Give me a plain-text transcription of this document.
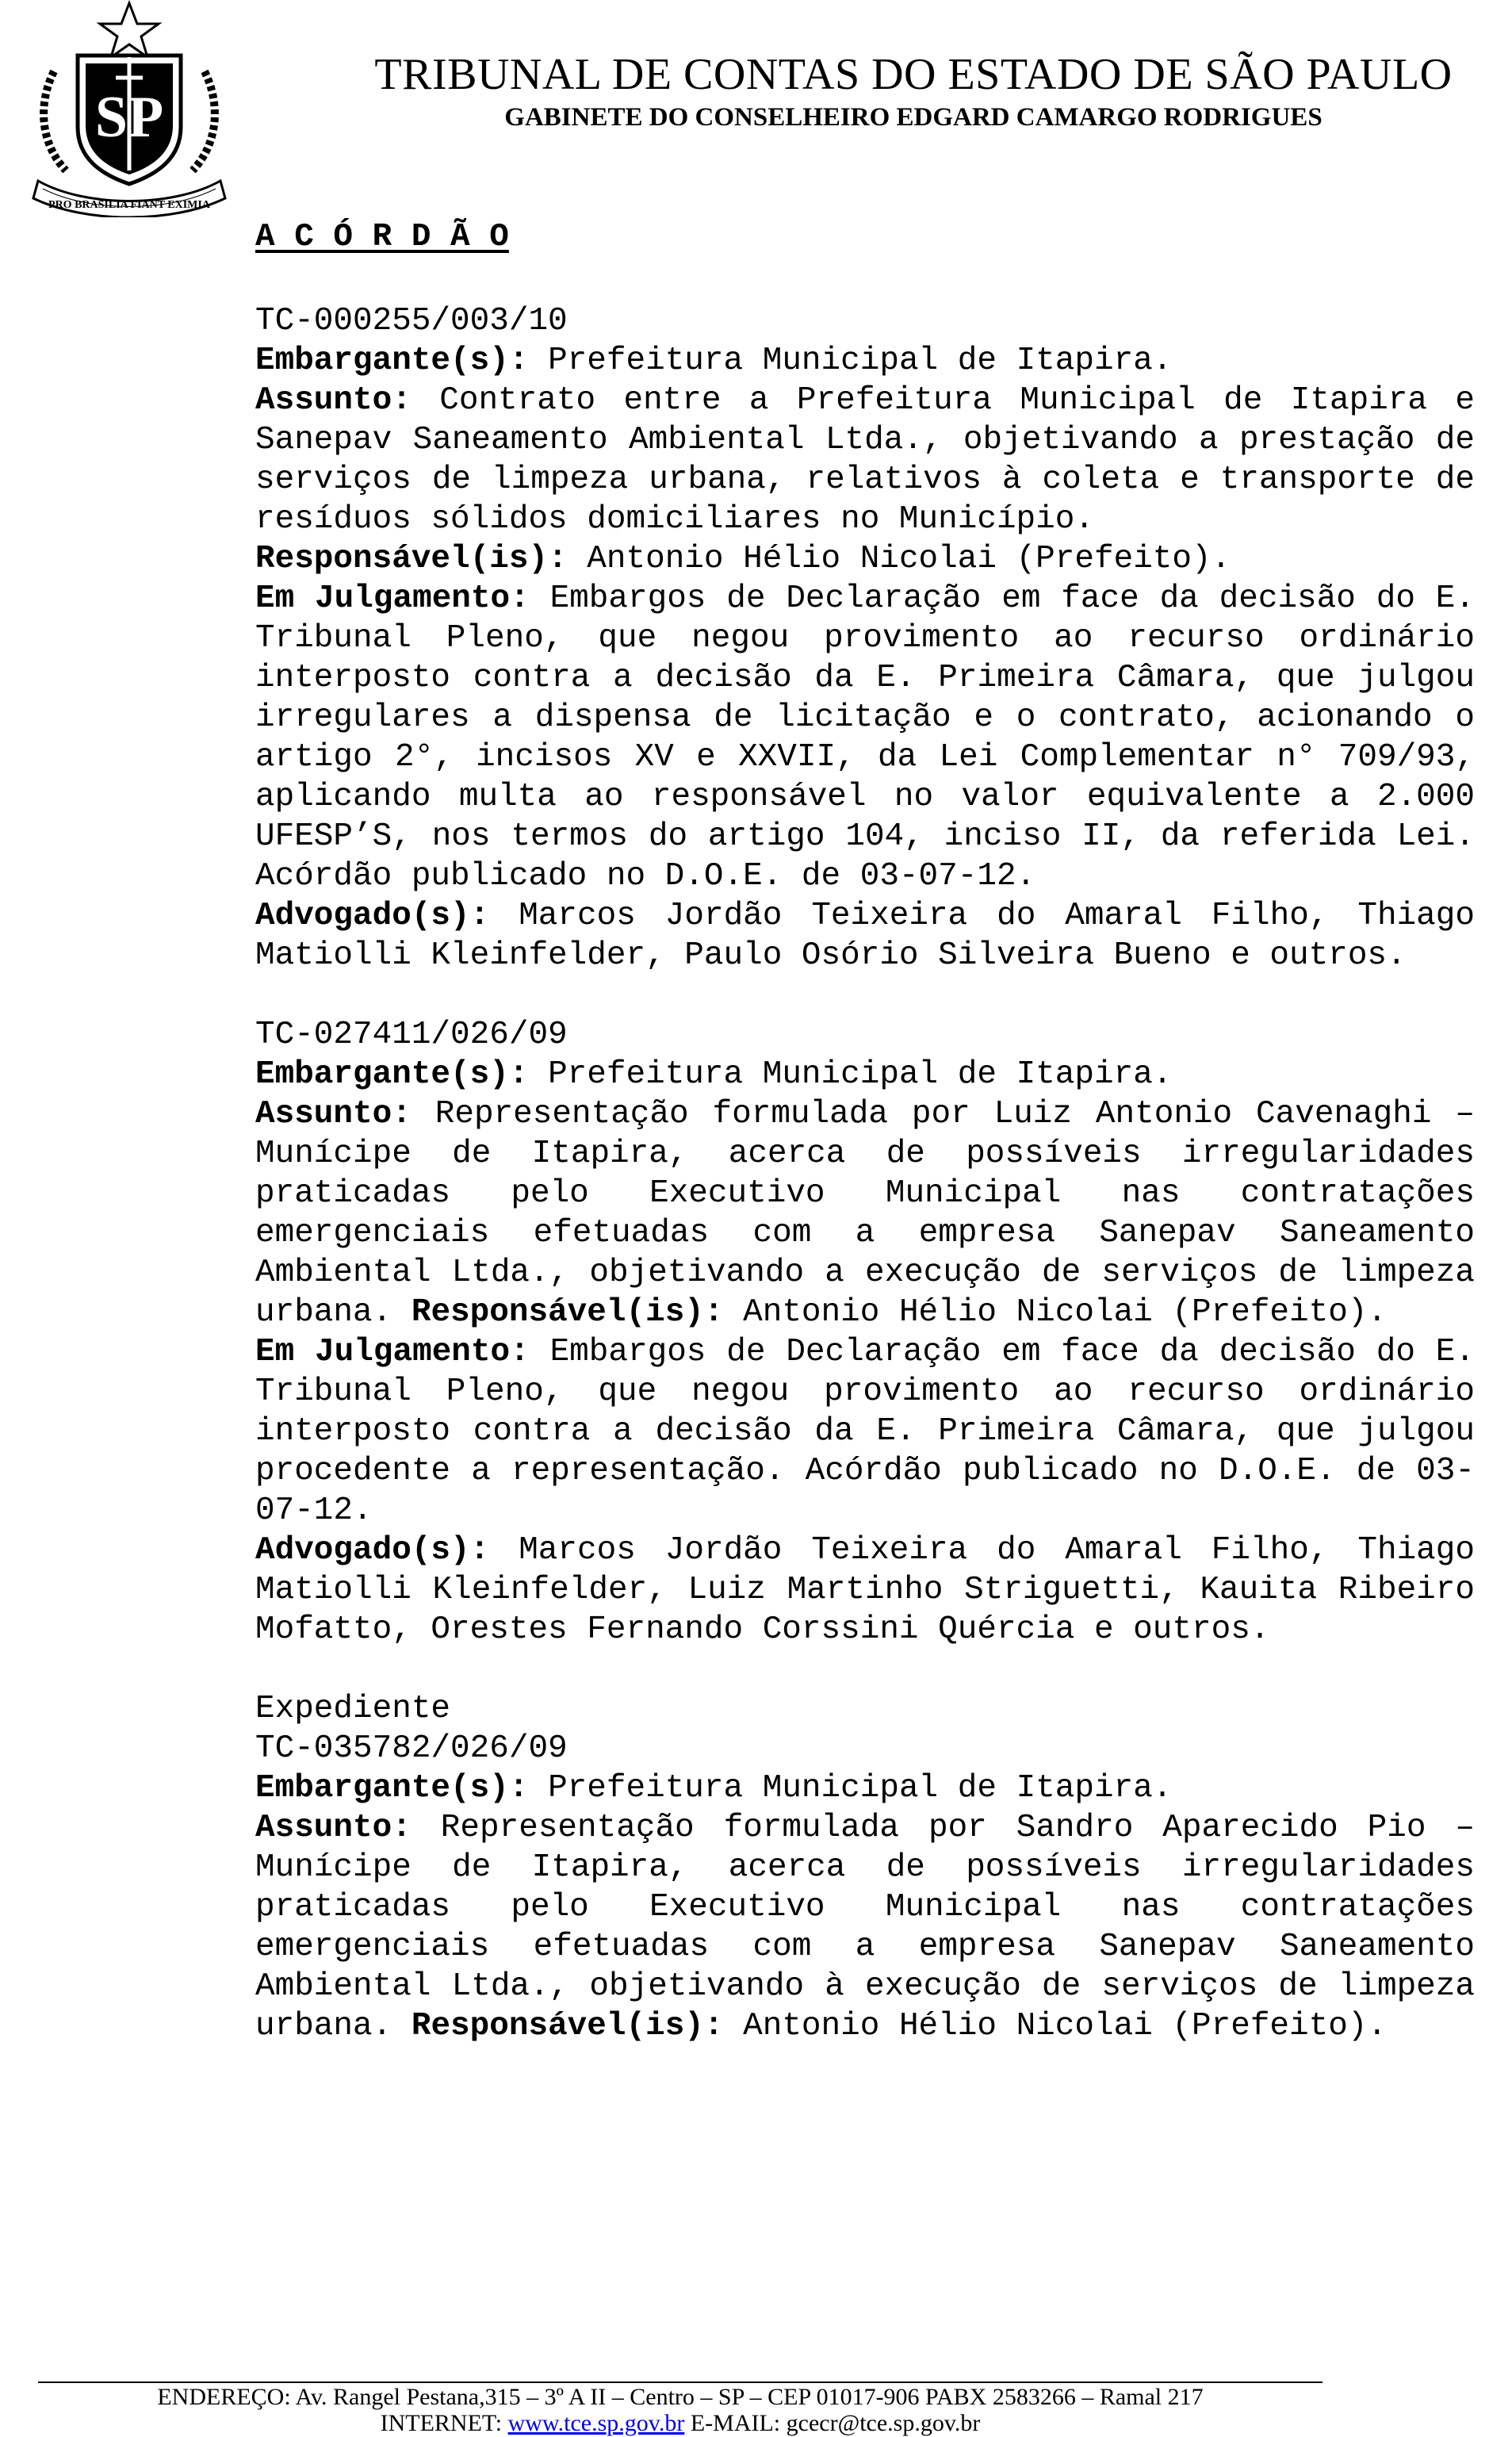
SP
PRO BRASILIA FIANT EXIMIA
TRIBUNAL DE CONTAS DO ESTADO DE SÃO PAULO
GABINETE DO CONSELHEIRO EDGARD CAMARGO RODRIGUES
A C Ó R D Ã O

TC-000255/003/10

Embargante(s): Prefeitura Municipal de Itapira.

Assunto: Contrato entre a Prefeitura Municipal de Itapira e Sanepav Saneamento Ambiental Ltda., objetivando a prestação de serviços de limpeza urbana, relativos à coleta e transporte de resíduos sólidos domiciliares no Município.

Responsável(is): Antonio Hélio Nicolai (Prefeito).

Em Julgamento: Embargos de Declaração em face da decisão do E. Tribunal Pleno, que negou provimento ao recurso ordinário interposto contra a decisão da E. Primeira Câmara, que julgou irregulares a dispensa de licitação e o contrato, acionando o artigo 2°, incisos XV e XXVII, da Lei Complementar n° 709/93, aplicando multa ao responsável no valor equivalente a 2.000 UFESP’S, nos termos do artigo 104, inciso II, da referida Lei. Acórdão publicado no D.O.E. de 03-07-12.

Advogado(s): Marcos Jordão Teixeira do Amaral Filho, Thiago Matiolli Kleinfelder, Paulo Osório Silveira Bueno e outros.

TC-027411/026/09

Embargante(s): Prefeitura Municipal de Itapira.

Assunto: Representação formulada por Luiz Antonio Cavenaghi – Munícipe de Itapira, acerca de possíveis irregularidades praticadas pelo Executivo Municipal nas contratações emergenciais efetuadas com a empresa Sanepav Saneamento Ambiental Ltda., objetivando a execução de serviços de limpeza urbana. Responsável(is): Antonio Hélio Nicolai (Prefeito).

Em Julgamento: Embargos de Declaração em face da decisão do E. Tribunal Pleno, que negou provimento ao recurso ordinário interposto contra a decisão da E. Primeira Câmara, que julgou procedente a representação. Acórdão publicado no D.O.E. de 03-07-12.

Advogado(s): Marcos Jordão Teixeira do Amaral Filho, Thiago Matiolli Kleinfelder, Luiz Martinho Striguetti, Kauita Ribeiro Mofatto, Orestes Fernando Corssini Quércia e outros.

Expediente

TC-035782/026/09

Embargante(s): Prefeitura Municipal de Itapira.

Assunto: Representação formulada por Sandro Aparecido Pio – Munícipe de Itapira, acerca de possíveis irregularidades praticadas pelo Executivo Municipal nas contratações emergenciais efetuadas com a empresa Sanepav Saneamento Ambiental Ltda., objetivando à execução de serviços de limpeza urbana. Responsável(is): Antonio Hélio Nicolai (Prefeito).

ENDEREÇO: Av. Rangel Pestana,315 – 3º A II – Centro – SP – CEP 01017-906 PABX 2583266 – Ramal 217
INTERNET: www.tce.sp.gov.br E-MAIL: gcecr@tce.sp.gov.br
